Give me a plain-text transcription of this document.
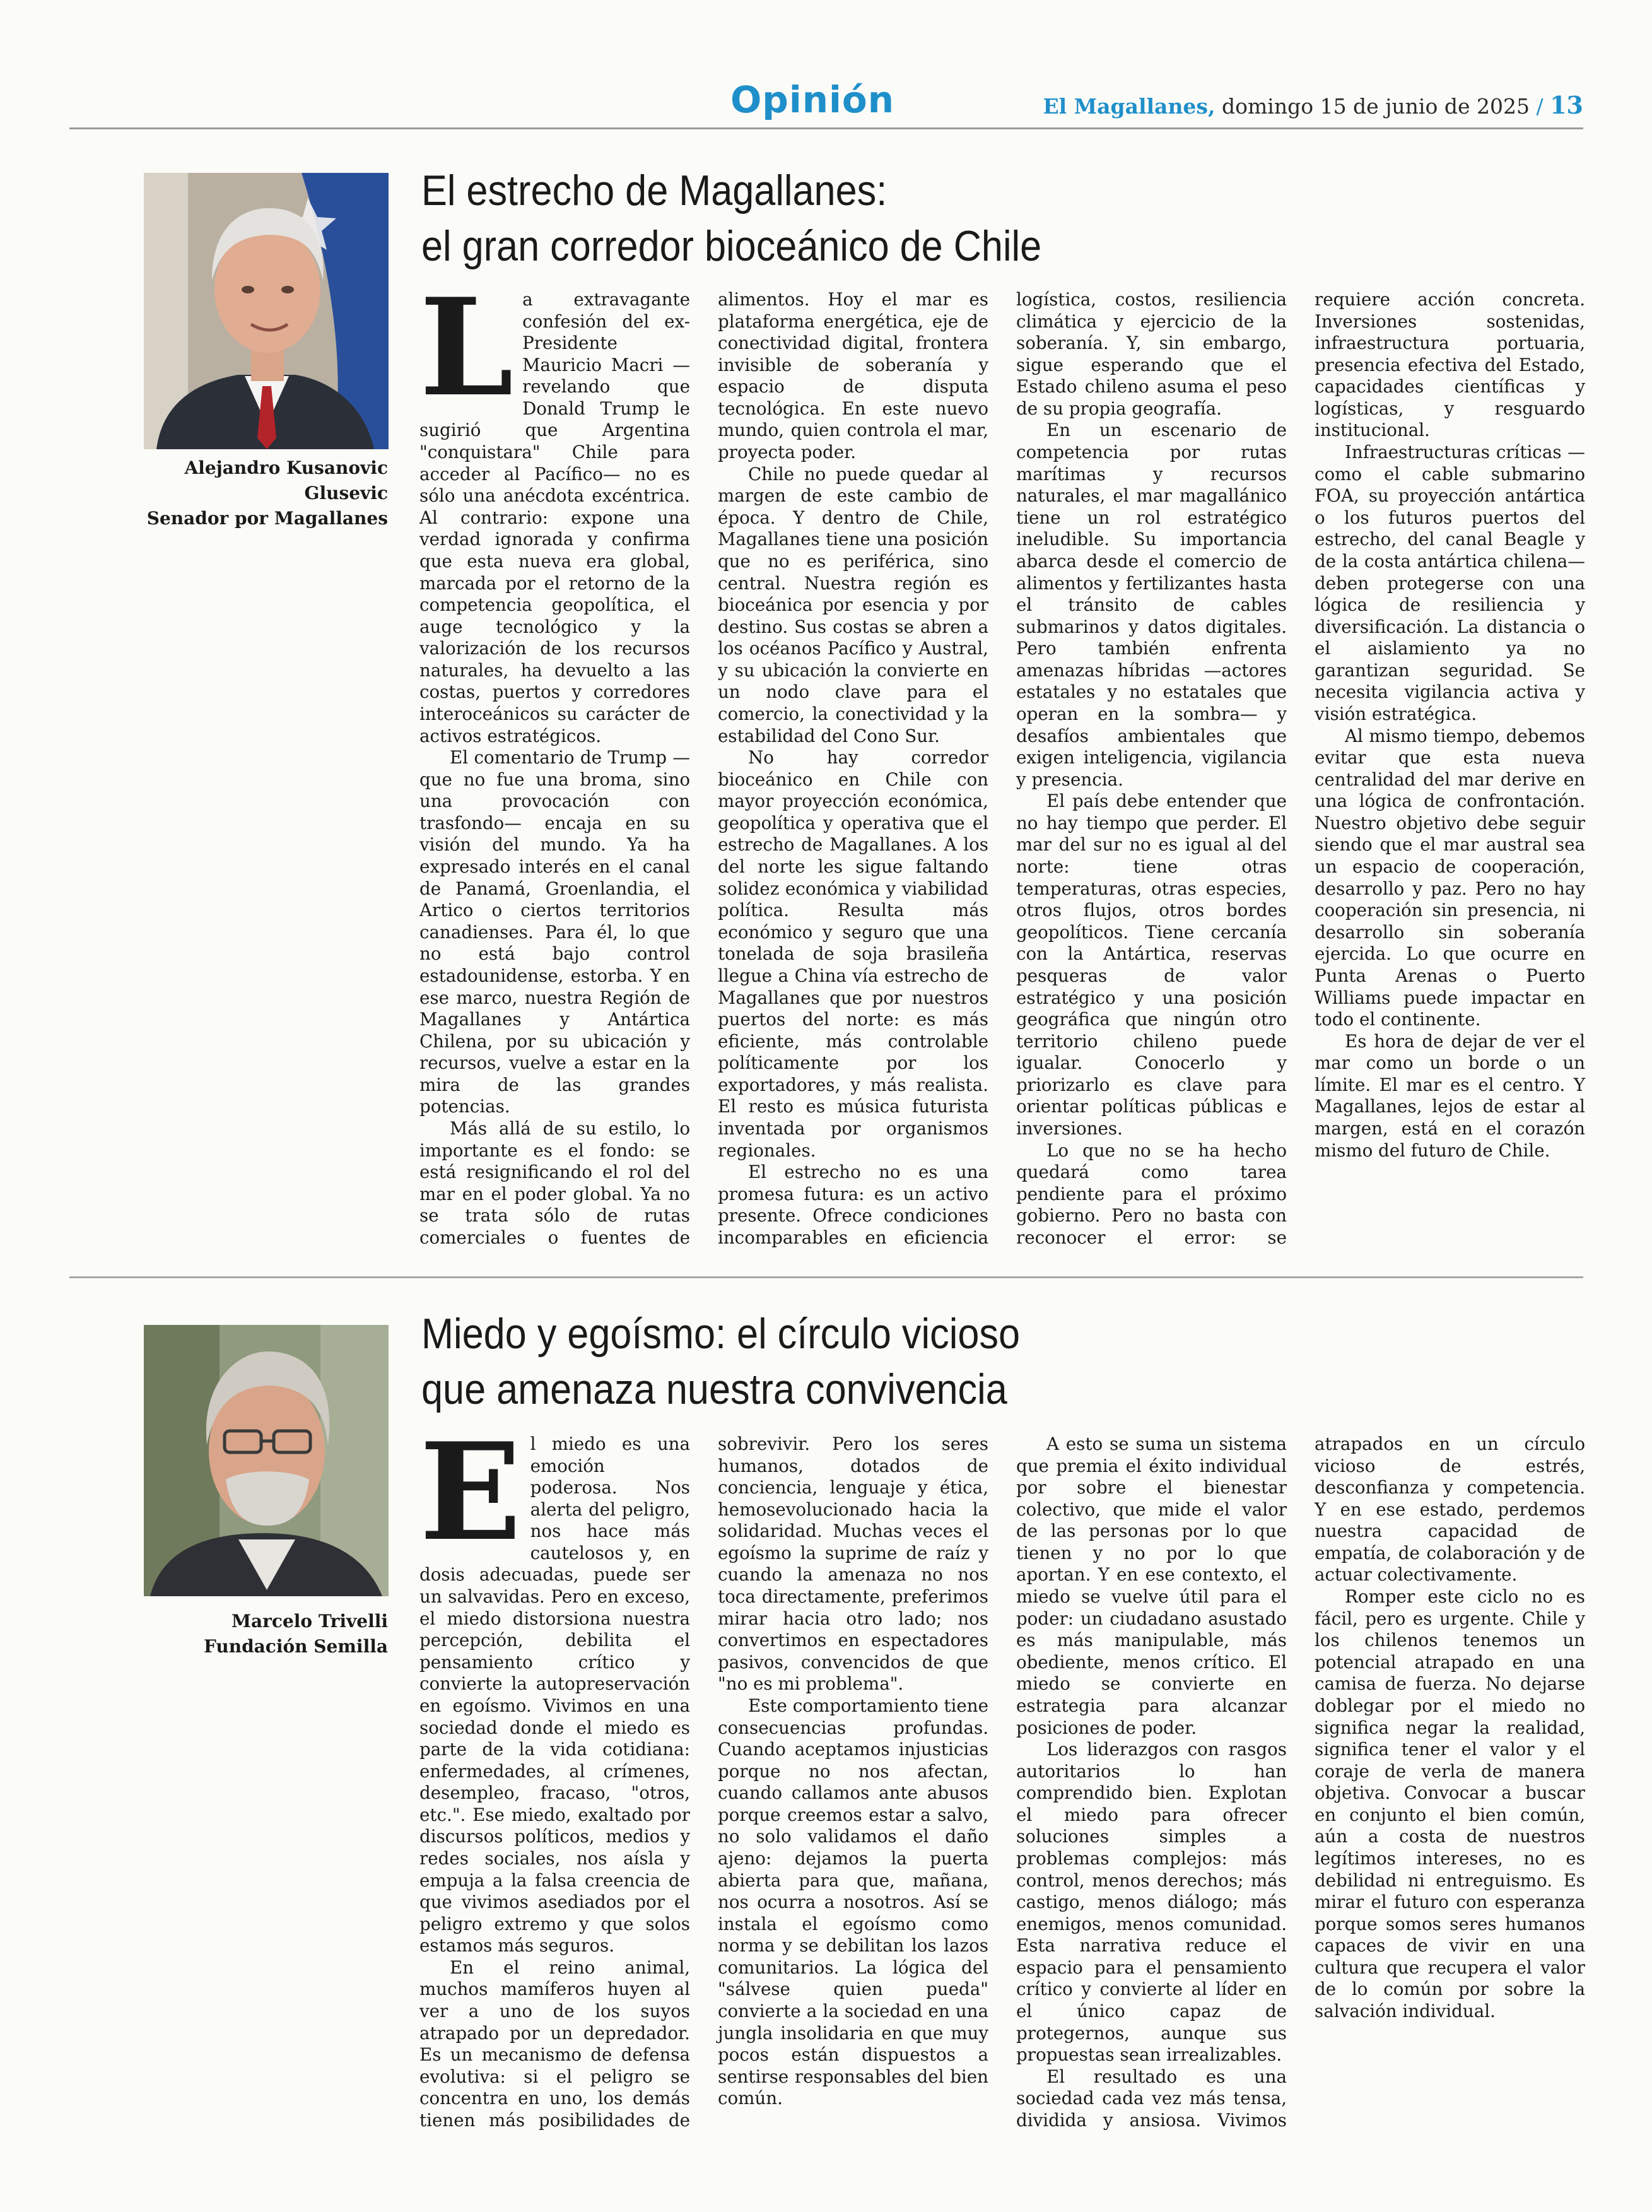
El Magallanes, domingo 15 de junio de 2025 / 13
Opinión
Alejandro Kusanovic Glusevic
Senador por Magallanes
El estrecho de Magallanes:
el gran corredor bioceánico de Chile

La extravagante confesión del ex-Presidente Mauricio Macri —revelando que Donald Trump le sugirió que Argentina "conquistara" Chile para acceder al Pacífico— no es sólo una anécdota excéntrica. Al contrario: expone una verdad ignorada y confirma que esta nueva era global, marcada por el retorno de la competencia geopolítica, el auge tecnológico y la valorización de los recursos naturales, ha devuelto a las costas, puertos y corredores interoceánicos su carácter de activos estratégicos.

El comentario de Trump —que no fue una broma, sino una provocación con trasfondo— encaja en su visión del mundo. Ya ha expresado interés en el canal de Panamá, Groenlandia, el Artico o ciertos territorios canadienses. Para él, lo que no está bajo control estadounidense, estorba. Y en ese marco, nuestra Región de Magallanes y Antártica Chilena, por su ubicación y recursos, vuelve a estar en la mira de las grandes potencias.

Más allá de su estilo, lo importante es el fondo: se está resignificando el rol del mar en el poder global. Ya no se trata sólo de rutas comerciales o fuentes de alimentos. Hoy el mar es plataforma energética, eje de conectividad digital, frontera invisible de soberanía y espacio de disputa tecnológica. En este nuevo mundo, quien controla el mar, proyecta poder.

Chile no puede quedar al margen de este cambio de época. Y dentro de Chile, Magallanes tiene una posición que no es periférica, sino central. Nuestra región es bioceánica por esencia y por destino. Sus costas se abren a los océanos Pacífico y Austral, y su ubicación la convierte en un nodo clave para el comercio, la conectividad y la estabilidad del Cono Sur.

No hay corredor bioceánico en Chile con mayor proyección económica, geopolítica y operativa que el estrecho de Magallanes. A los del norte les sigue faltando solidez económica y viabilidad política. Resulta más económico y seguro que una tonelada de soja brasileña llegue a China vía estrecho de Magallanes que por nuestros puertos del norte: es más eficiente, más controlable políticamente por los exportadores, y más realista. El resto es música futurista inventada por organismos regionales.

El estrecho no es una promesa futura: es un activo presente. Ofrece condiciones incomparables en eficiencia logística, costos, resiliencia climática y ejercicio de la soberanía. Y, sin embargo, sigue esperando que el Estado chileno asuma el peso de su propia geografía.

En un escenario de competencia por rutas marítimas y recursos naturales, el mar magallánico tiene un rol estratégico ineludible. Su importancia abarca desde el comercio de alimentos y fertilizantes hasta el tránsito de cables submarinos y datos digitales. Pero también enfrenta amenazas híbridas —actores estatales y no estatales que operan en la sombra— y desafíos ambientales que exigen inteligencia, vigilancia y presencia.

El país debe entender que no hay tiempo que perder. El mar del sur no es igual al del norte: tiene otras temperaturas, otras especies, otros flujos, otros bordes geopolíticos. Tiene cercanía con la Antártica, reservas pesqueras de valor estratégico y una posición geográfica que ningún otro territorio chileno puede igualar. Conocerlo y priorizarlo es clave para orientar políticas públicas e inversiones.

Lo que no se ha hecho quedará como tarea pendiente para el próximo gobierno. Pero no basta con reconocer el error: se requiere acción concreta. Inversiones sostenidas, infraestructura portuaria, presencia efectiva del Estado, capacidades científicas y logísticas, y resguardo institucional.

Infraestructuras críticas —como el cable submarino FOA, su proyección antártica o los futuros puertos del estrecho, del canal Beagle y de la costa antártica chilena— deben protegerse con una lógica de resiliencia y diversificación. La distancia o el aislamiento ya no garantizan seguridad. Se necesita vigilancia activa y visión estratégica.

Al mismo tiempo, debemos evitar que esta nueva centralidad del mar derive en una lógica de confrontación. Nuestro objetivo debe seguir siendo que el mar austral sea un espacio de cooperación, desarrollo y paz. Pero no hay cooperación sin presencia, ni desarrollo sin soberanía ejercida. Lo que ocurre en Punta Arenas o Puerto Williams puede impactar en todo el continente.

Es hora de dejar de ver el mar como un borde o un límite. El mar es el centro. Y Magallanes, lejos de estar al margen, está en el corazón mismo del futuro de Chile.

Marcelo Trivelli
Fundación Semilla
Miedo y egoísmo: el círculo vicioso
que amenaza nuestra convivencia

El miedo es una emoción poderosa. Nos alerta del peligro, nos hace más cautelosos y, en dosis adecuadas, puede ser un salvavidas. Pero en exceso, el miedo distorsiona nuestra percepción, debilita el pensamiento crítico y convierte la autopreservación en egoísmo. Vivimos en una sociedad donde el miedo es parte de la vida cotidiana: enfermedades, al crímenes, desempleo, fracaso, "otros, etc.". Ese miedo, exaltado por discursos políticos, medios y redes sociales, nos aísla y empuja a la falsa creencia de que vivimos asediados por el peligro extremo y que solos estamos más seguros.

En el reino animal, muchos mamíferos huyen al ver a uno de los suyos atrapado por un depredador. Es un mecanismo de defensa evolutiva: si el peligro se concentra en uno, los demás tienen más posibilidades de sobrevivir. Pero los seres humanos, dotados de conciencia, lenguaje y ética, hemosevolucionado hacia la solidaridad. Muchas veces el egoísmo la suprime de raíz y cuando la amenaza no nos toca directamente, preferimos mirar hacia otro lado; nos convertimos en espectadores pasivos, convencidos de que "no es mi problema".

Este comportamiento tiene consecuencias profundas. Cuando aceptamos injusticias porque no nos afectan, cuando callamos ante abusos porque creemos estar a salvo, no solo validamos el daño ajeno: dejamos la puerta abierta para que, mañana, nos ocurra a nosotros. Así se instala el egoísmo como norma y se debilitan los lazos comunitarios. La lógica del "sálvese quien pueda" convierte a la sociedad en una jungla insolidaria en que muy pocos están dispuestos a sentirse responsables del bien común.

A esto se suma un sistema que premia el éxito individual por sobre el bienestar colectivo, que mide el valor de las personas por lo que tienen y no por lo que aportan. Y en ese contexto, el miedo se vuelve útil para el poder: un ciudadano asustado es más manipulable, más obediente, menos crítico. El miedo se convierte en estrategia para alcanzar posiciones de poder.

Los liderazgos con rasgos autoritarios lo han comprendido bien. Explotan el miedo para ofrecer soluciones simples a problemas complejos: más control, menos derechos; más castigo, menos diálogo; más enemigos, menos comunidad. Esta narrativa reduce el espacio para el pensamiento crítico y convierte al líder en el único capaz de protegernos, aunque sus propuestas sean irrealizables.

El resultado es una sociedad cada vez más tensa, dividida y ansiosa. Vivimos atrapados en un círculo vicioso de estrés, desconfianza y competencia. Y en ese estado, perdemos nuestra capacidad de empatía, de colaboración y de actuar colectivamente.

Romper este ciclo no es fácil, pero es urgente. Chile y los chilenos tenemos un potencial atrapado en una camisa de fuerza. No dejarse doblegar por el miedo no significa negar la realidad, significa tener el valor y el coraje de verla de manera objetiva. Convocar a buscar en conjunto el bien común, aún a costa de nuestros legítimos intereses, no es debilidad ni entreguismo. Es mirar el futuro con esperanza porque somos seres humanos capaces de vivir en una cultura que recupera el valor de lo común por sobre la salvación individual.
